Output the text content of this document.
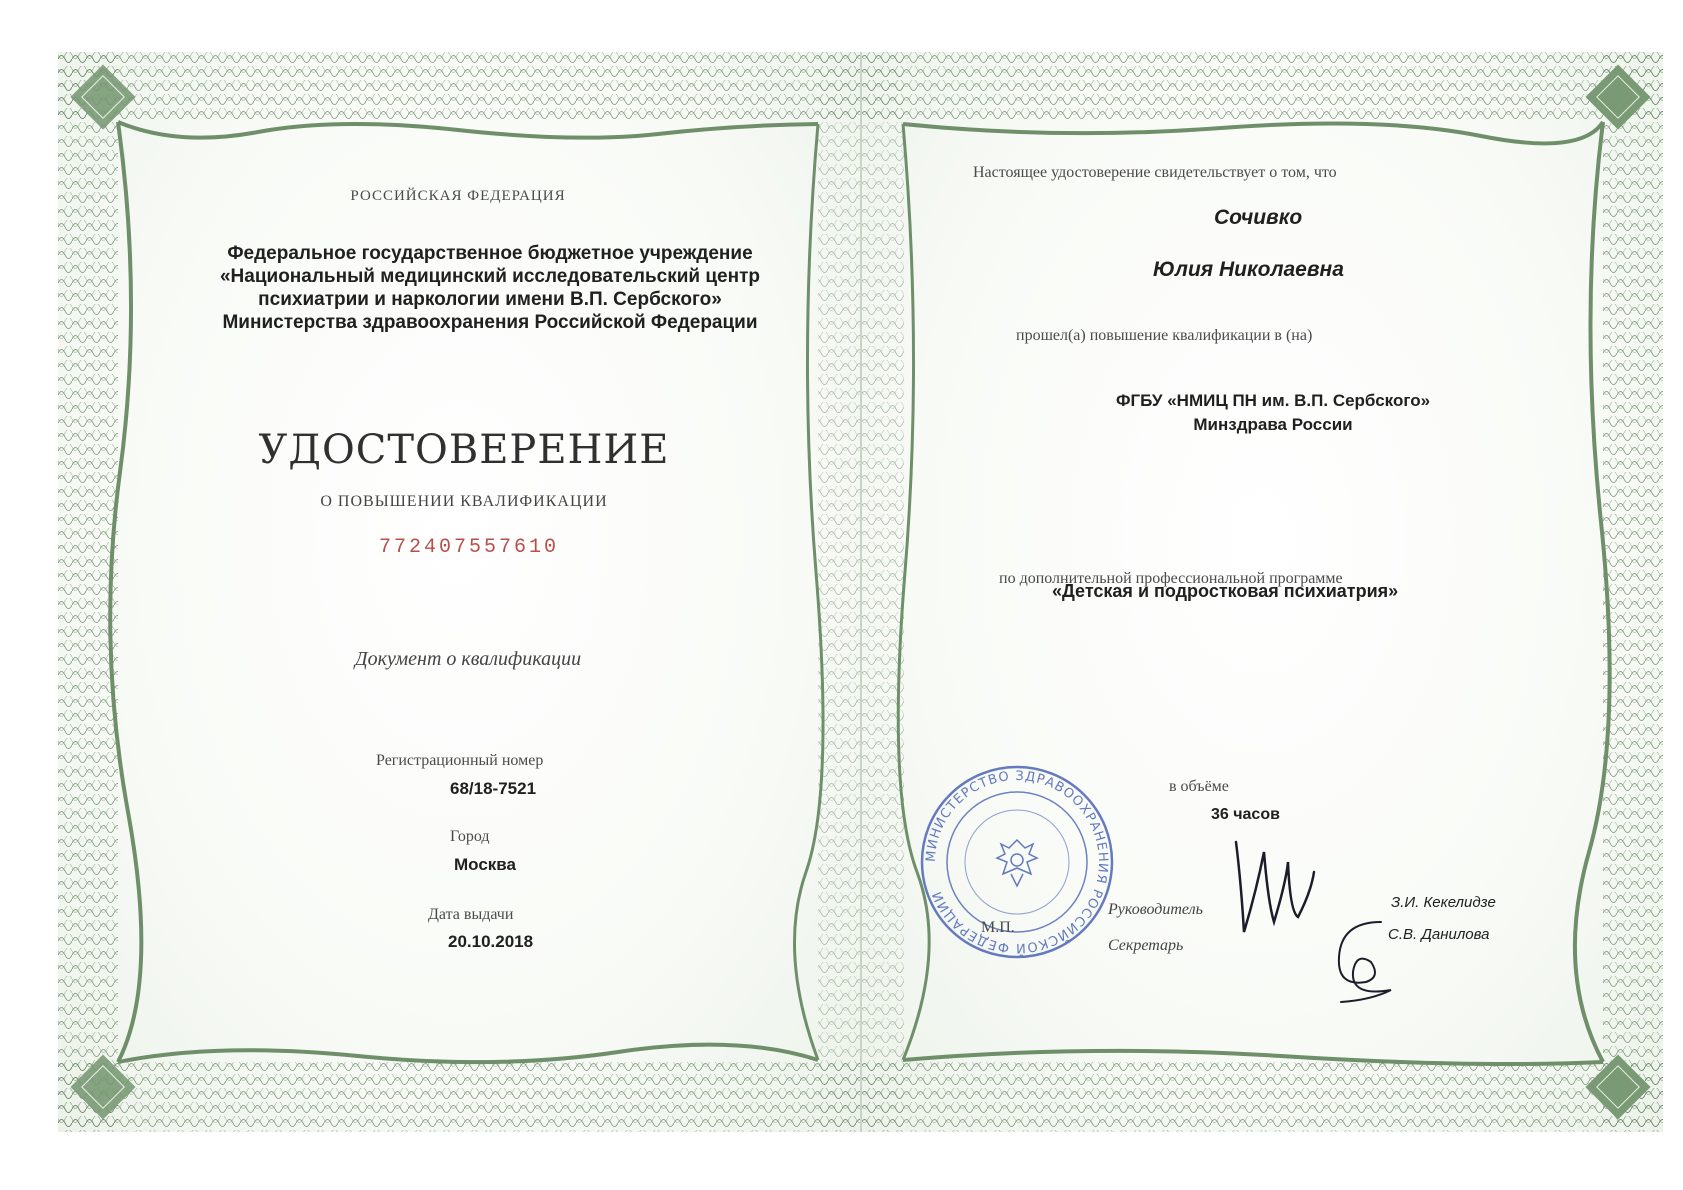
РОССИЙСКАЯ ФЕДЕРАЦИЯ
Федеральное государственное бюджетное учреждение
«Национальный медицинский исследовательский центр
психиатрии и наркологии имени В.П. Сербского»
Министерства здравоохранения Российской Федерации
УДОСТОВЕРЕНИЕ
О ПОВЫШЕНИИ КВАЛИФИКАЦИИ
772407557610
Документ о квалификации
Регистрационный номер
68/18-7521
Город
Москва
Дата выдачи
20.10.2018
Настоящее удостоверение свидетельствует о том, что
Сочивко
Юлия Николаевна
прошел(а) повышение квалификации в (на)
ФГБУ «НМИЦ ПН им. В.П. Сербского»
Минздрава России
по дополнительной профессиональной программе
«Детская и подростковая психиатрия»
в объёме
36 часов
МИНИСТЕРСТВО ЗДРАВООХРАНЕНИЯ РОССИЙСКОЙ ФЕДЕРАЦИИ
М.П.
Руководитель
Секретарь
З.И. Кекелидзе
С.В. Данилова
